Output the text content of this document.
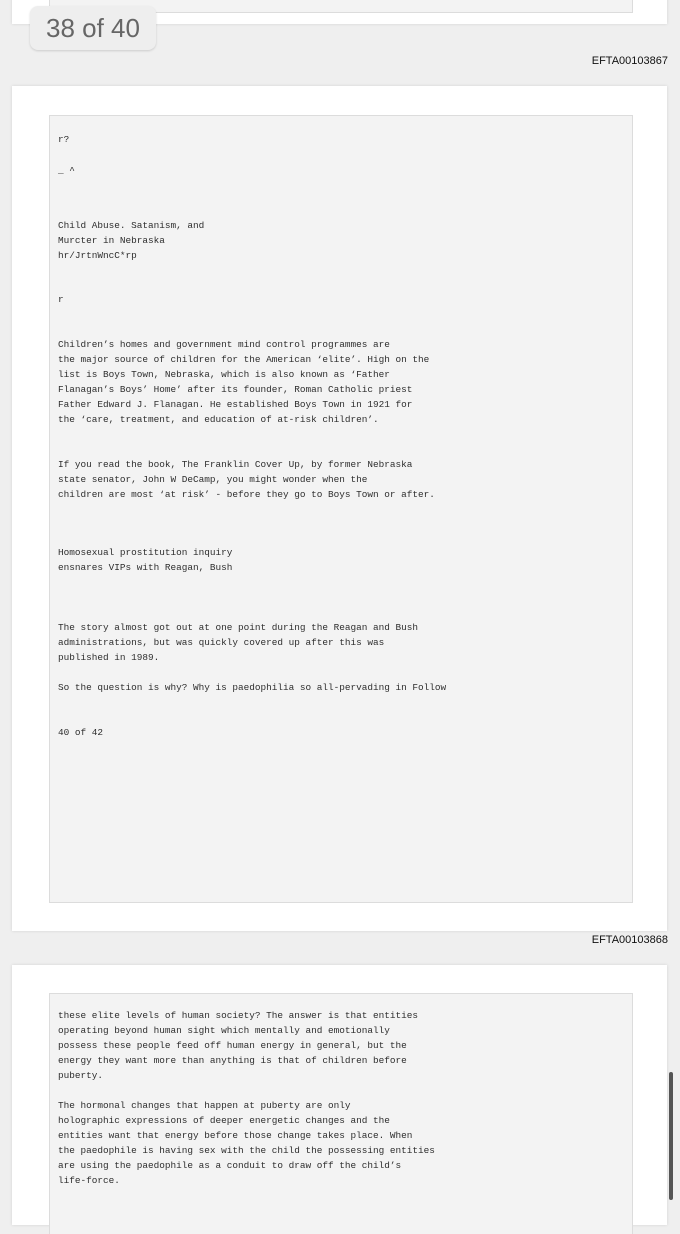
38 of 40
EFTA00103867
r?
_ ^
Child Abuse. Satanism, and
Murcter in Nebraska
hr/JrtnWncC*rp
r
Children’s homes and government mind control programmes are
the major source of children for the American ‘elite’. High on the
list is Boys Town, Nebraska, which is also known as ‘Father
Flanagan’s Boys’ Home’ after its founder, Roman Catholic priest
Father Edward J. Flanagan. He established Boys Town in 1921 for
the ‘care, treatment, and education of at-risk children’.
If you read the book, The Franklin Cover Up, by former Nebraska
state senator, John W DeCamp, you might wonder when the
children are most ‘at risk’ - before they go to Boys Town or after.
Homosexual prostitution inquiry
ensnares VIPs with Reagan, Bush
The story almost got out at one point during the Reagan and Bush
administrations, but was quickly covered up after this was
published in 1989.
So the question is why? Why is paedophilia so all-pervading in Follow
40 of 42
EFTA00103868
these elite levels of human society? The answer is that entities
operating beyond human sight which mentally and emotionally
possess these people feed off human energy in general, but the
energy they want more than anything is that of children before
puberty.
The hormonal changes that happen at puberty are only
holographic expressions of deeper energetic changes and the
entities want that energy before those change takes place. When
the paedophile is having sex with the child the possessing entities
are using the paedophile as a conduit to draw off the child’s
life-force.
